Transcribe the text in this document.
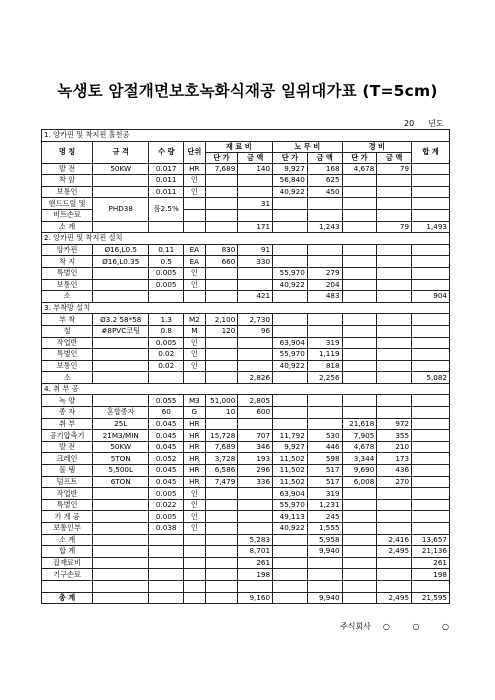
녹생토 암절개면보호녹화식재공 일위대가표 (T=5cm)
20 년도
1. 앙카핀 및 착지핀 홀천공										
명 칭	규 격	수 량	단위	재 료 비		노 무 비		경 비		합 계
				단 가	금 액	단 가	금 액	단 가	금 액	
발 전	50KW	0.017	HR	7,689	140	9,927	168	4,678	79	
착 암		0.011	인			56,840	625			
보통인		0.011	인			40,922	450			
핸드드릴 및	PHD38	품2.5%			31					
비트손료										
소 계					171		1,243		79	1,493
2. 앙카핀 및 착지핀 설치										
앙카핀	Ø16,L0.5	0.11	EA	830	91					
착 지	Ø16,L0.35	0.5	EA	660	330					
특별인		0.005	인			55,970	279			
보통인		0.005	인			40,922	204			
소					421		483			904
3. 부착망 설치										
부 착	Ø3.2 58*58	1.3	M2	2,100	2,730					
철	#8PVC코팅	0.8	M	120	96					
작업반		0.005	인			63,904	319			
특별인		0.02	인			55,970	1,119			
보통인		0.02	인			40,922	818			
소					2,826		2,256			5,082
4. 취 부 공										
녹 양		0.055	M3	51,000	2,805					
종 자	혼합종자	60	G	10	600					
취 부	25L	0.045	HR					21,618	972	
공기압축기	21M3/MIN	0.045	HR	15,728	707	11,792	530	7,905	355	
발 전	50KW	0.045	HR	7,689	346	9,927	446	4,678	210	
크레인	5TON	0.052	HR	3,728	193	11,502	598	3,344	173	
물 탱	5,500L	0.045	HR	6,586	296	11,502	517	9,690	436	
덤프트	6TON	0.045	HR	7,479	336	11,502	517	6,008	270	
작업반		0.005	인			63,904	319			
특별인		0.022	인			55,970	1,231			
기 계 공		0.005	인			49,113	245			
보통인부		0.038	인			40,922	1,555			
소 계					5,283		5,958		2,416	13,657
합 계					8,701		9,940		2,495	21,136
잡재료비					261					261
기구손료					198					198

총 계					9,160		9,940		2,495	21,595
주식회사 ○ ○ ○
